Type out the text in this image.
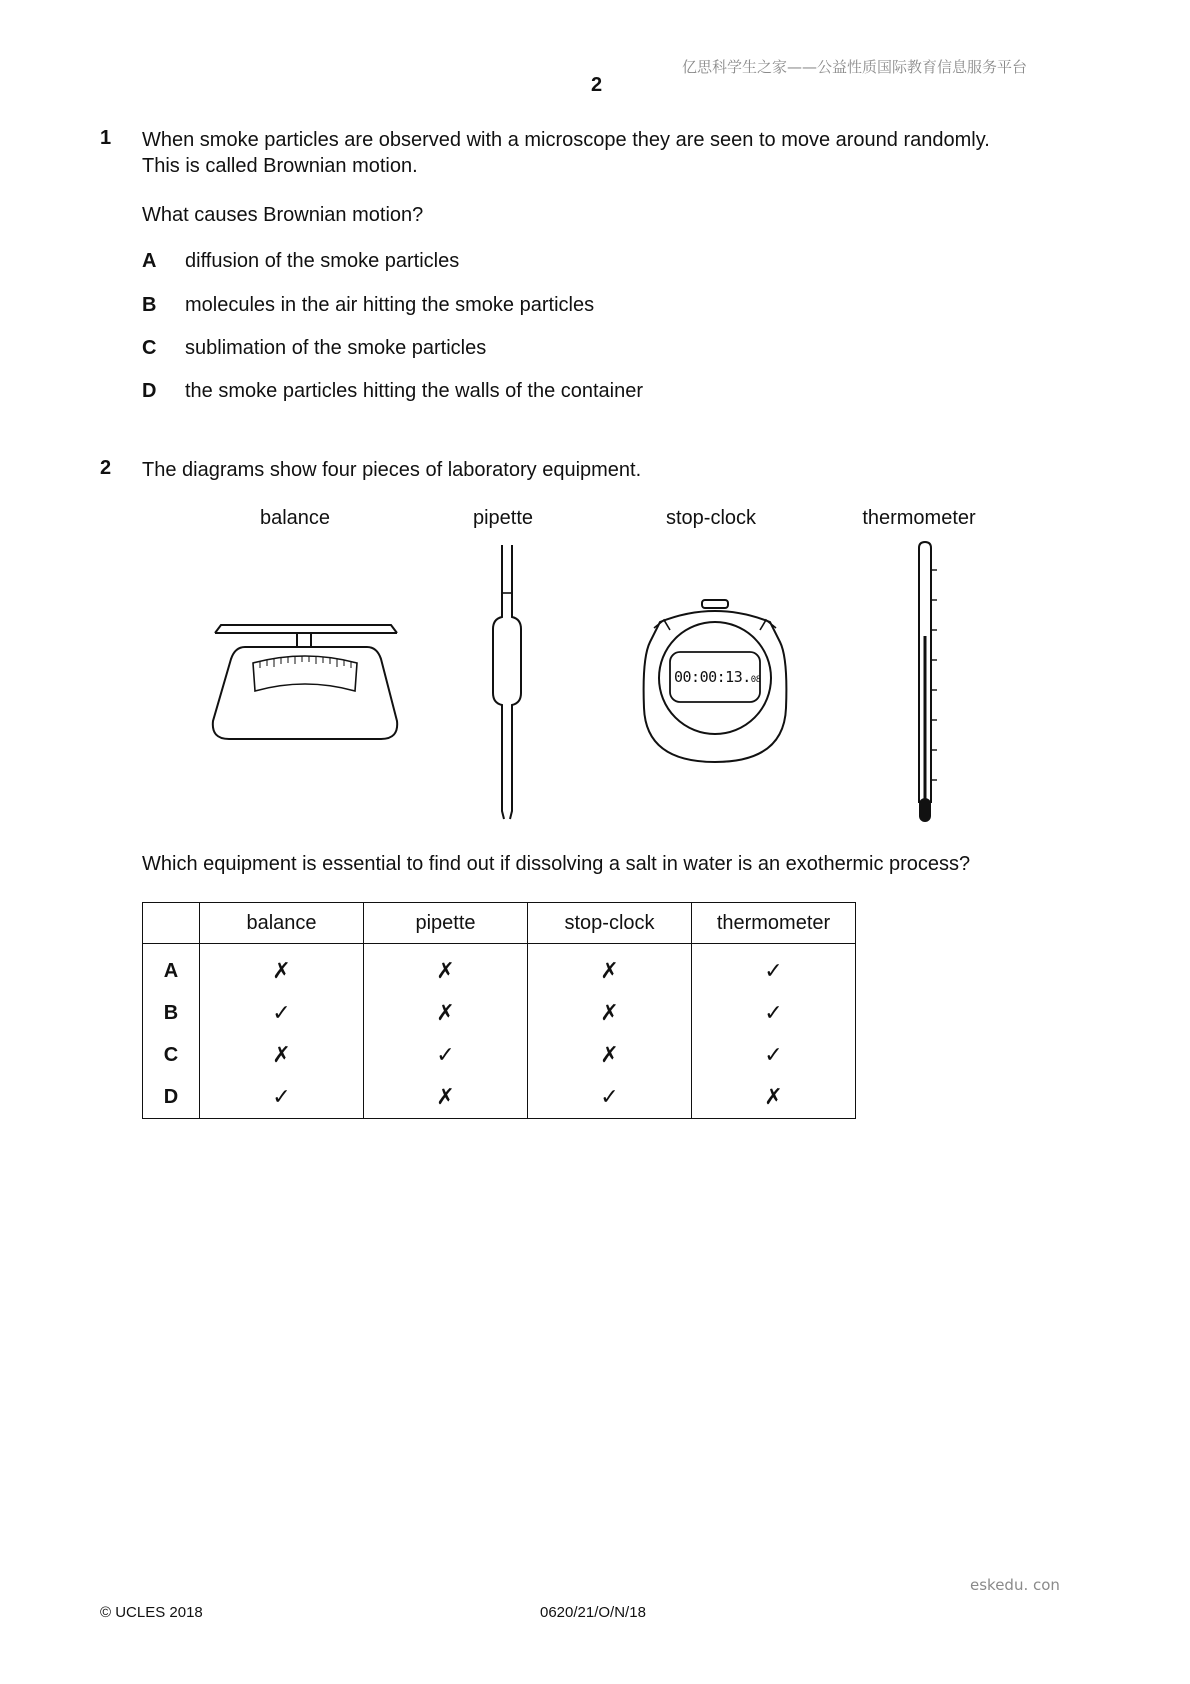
亿思科学生之家——公益性质国际教育信息服务平台
2
1 When smoke particles are observed with a microscope they are seen to move around randomly.
This is called Brownian motion.
What causes Brownian motion?
A diffusion of the smoke particles
B molecules in the air hitting the smoke particles
C sublimation of the smoke particles
D the smoke particles hitting the walls of the container
2 The diagrams show four pieces of laboratory equipment.
balance	pipette	stop-clock	thermometer
00:00:13.08
Which equipment is essential to find out if dissolving a salt in water is an exothermic process?
	balance	pipette	stop-clock	thermometer
A	✗	✗	✗	✓
B	✓	✗	✗	✓
C	✗	✓	✗	✓
D	✓	✗	✓	✗
eskedu. con
© UCLES 2018	0620/21/O/N/18
